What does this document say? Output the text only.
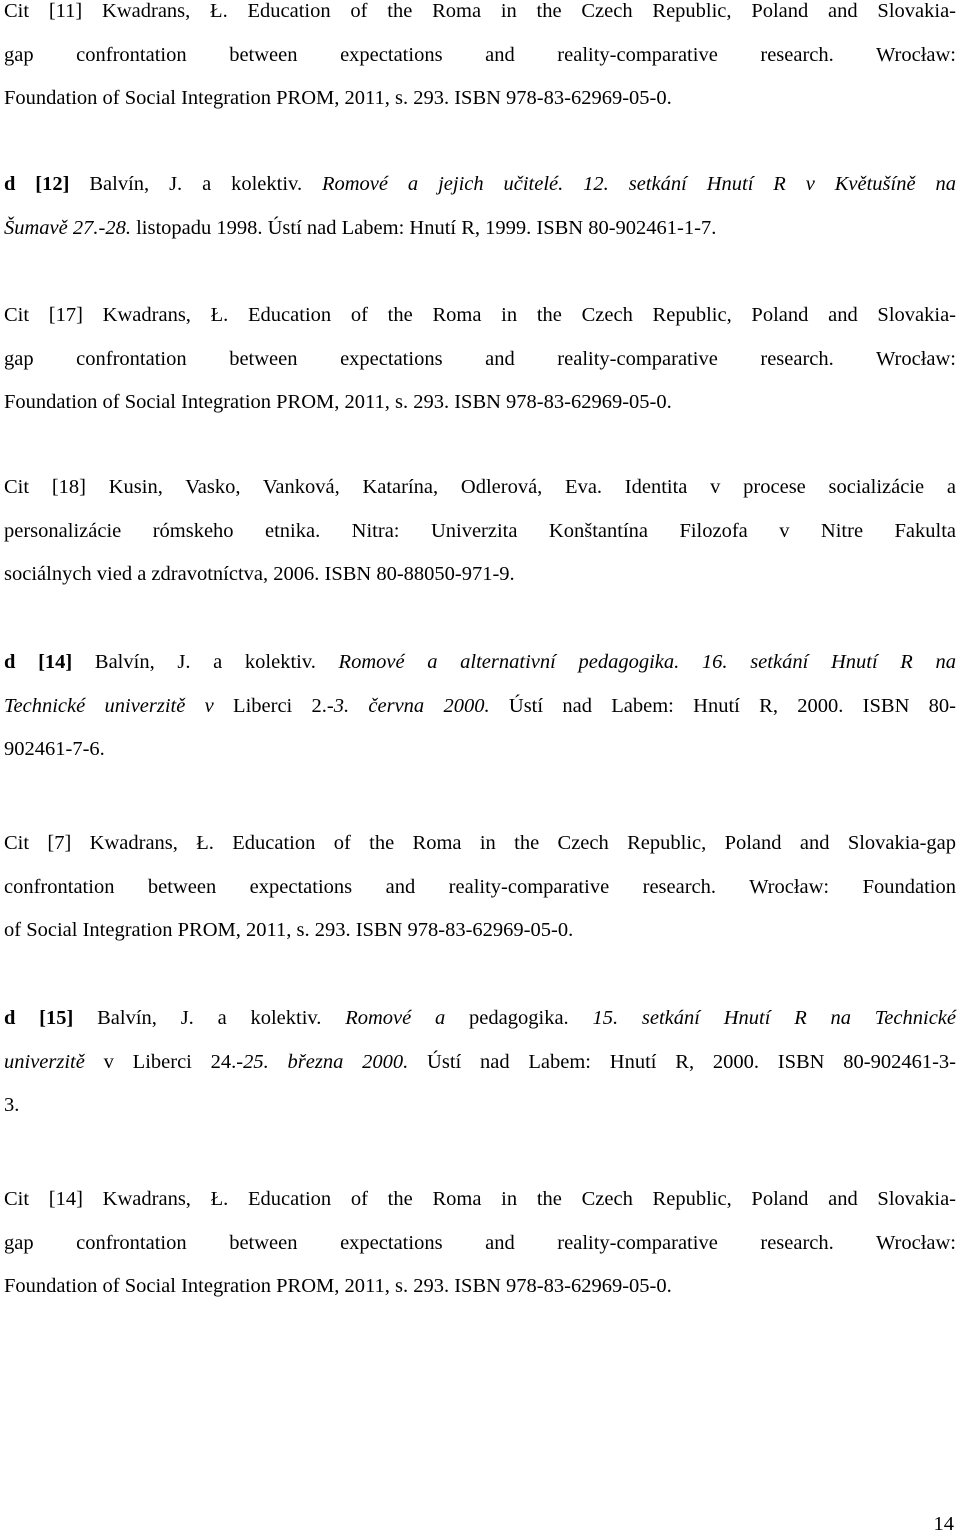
Cit [11] Kwadrans, Ł. Education of the Roma in the Czech Republic, Poland and Slovakia-
gap confrontation between expectations and reality-comparative research. Wrocław:
Foundation of Social Integration PROM, 2011, s. 293. ISBN 978-83-62969-05-0.

d [12] Balvín, J. a kolektiv. Romové a jejich učitelé. 12. setkání Hnutí R v Květušíně na
Šumavě 27.-28. listopadu 1998. Ústí nad Labem: Hnutí R, 1999. ISBN 80-902461-1-7.

Cit [17] Kwadrans, Ł. Education of the Roma in the Czech Republic, Poland and Slovakia-
gap confrontation between expectations and reality-comparative research. Wrocław:
Foundation of Social Integration PROM, 2011, s. 293. ISBN 978-83-62969-05-0.

Cit [18] Kusin, Vasko, Vanková, Katarína, Odlerová, Eva. Identita v procese socializácie a
personalizácie rómskeho etnika. Nitra: Univerzita Konštantína Filozofa v Nitre Fakulta
sociálnych vied a zdravotníctva, 2006. ISBN 80-88050-971-9.

d [14] Balvín, J. a kolektiv. Romové a alternativní pedagogika. 16. setkání Hnutí R na
Technické univerzitě v Liberci 2.-3. června 2000. Ústí nad Labem: Hnutí R, 2000. ISBN 80-
902461-7-6.

Cit [7] Kwadrans, Ł. Education of the Roma in the Czech Republic, Poland and Slovakia-gap
confrontation between expectations and reality-comparative research. Wrocław: Foundation
of Social Integration PROM, 2011, s. 293. ISBN 978-83-62969-05-0.

d [15] Balvín, J. a kolektiv. Romové a pedagogika. 15. setkání Hnutí R na Technické
univerzitě v Liberci 24.-25. března 2000. Ústí nad Labem: Hnutí R, 2000. ISBN 80-902461-3-
3.

Cit [14] Kwadrans, Ł. Education of the Roma in the Czech Republic, Poland and Slovakia-
gap confrontation between expectations and reality-comparative research. Wrocław:
Foundation of Social Integration PROM, 2011, s. 293. ISBN 978-83-62969-05-0.

14
